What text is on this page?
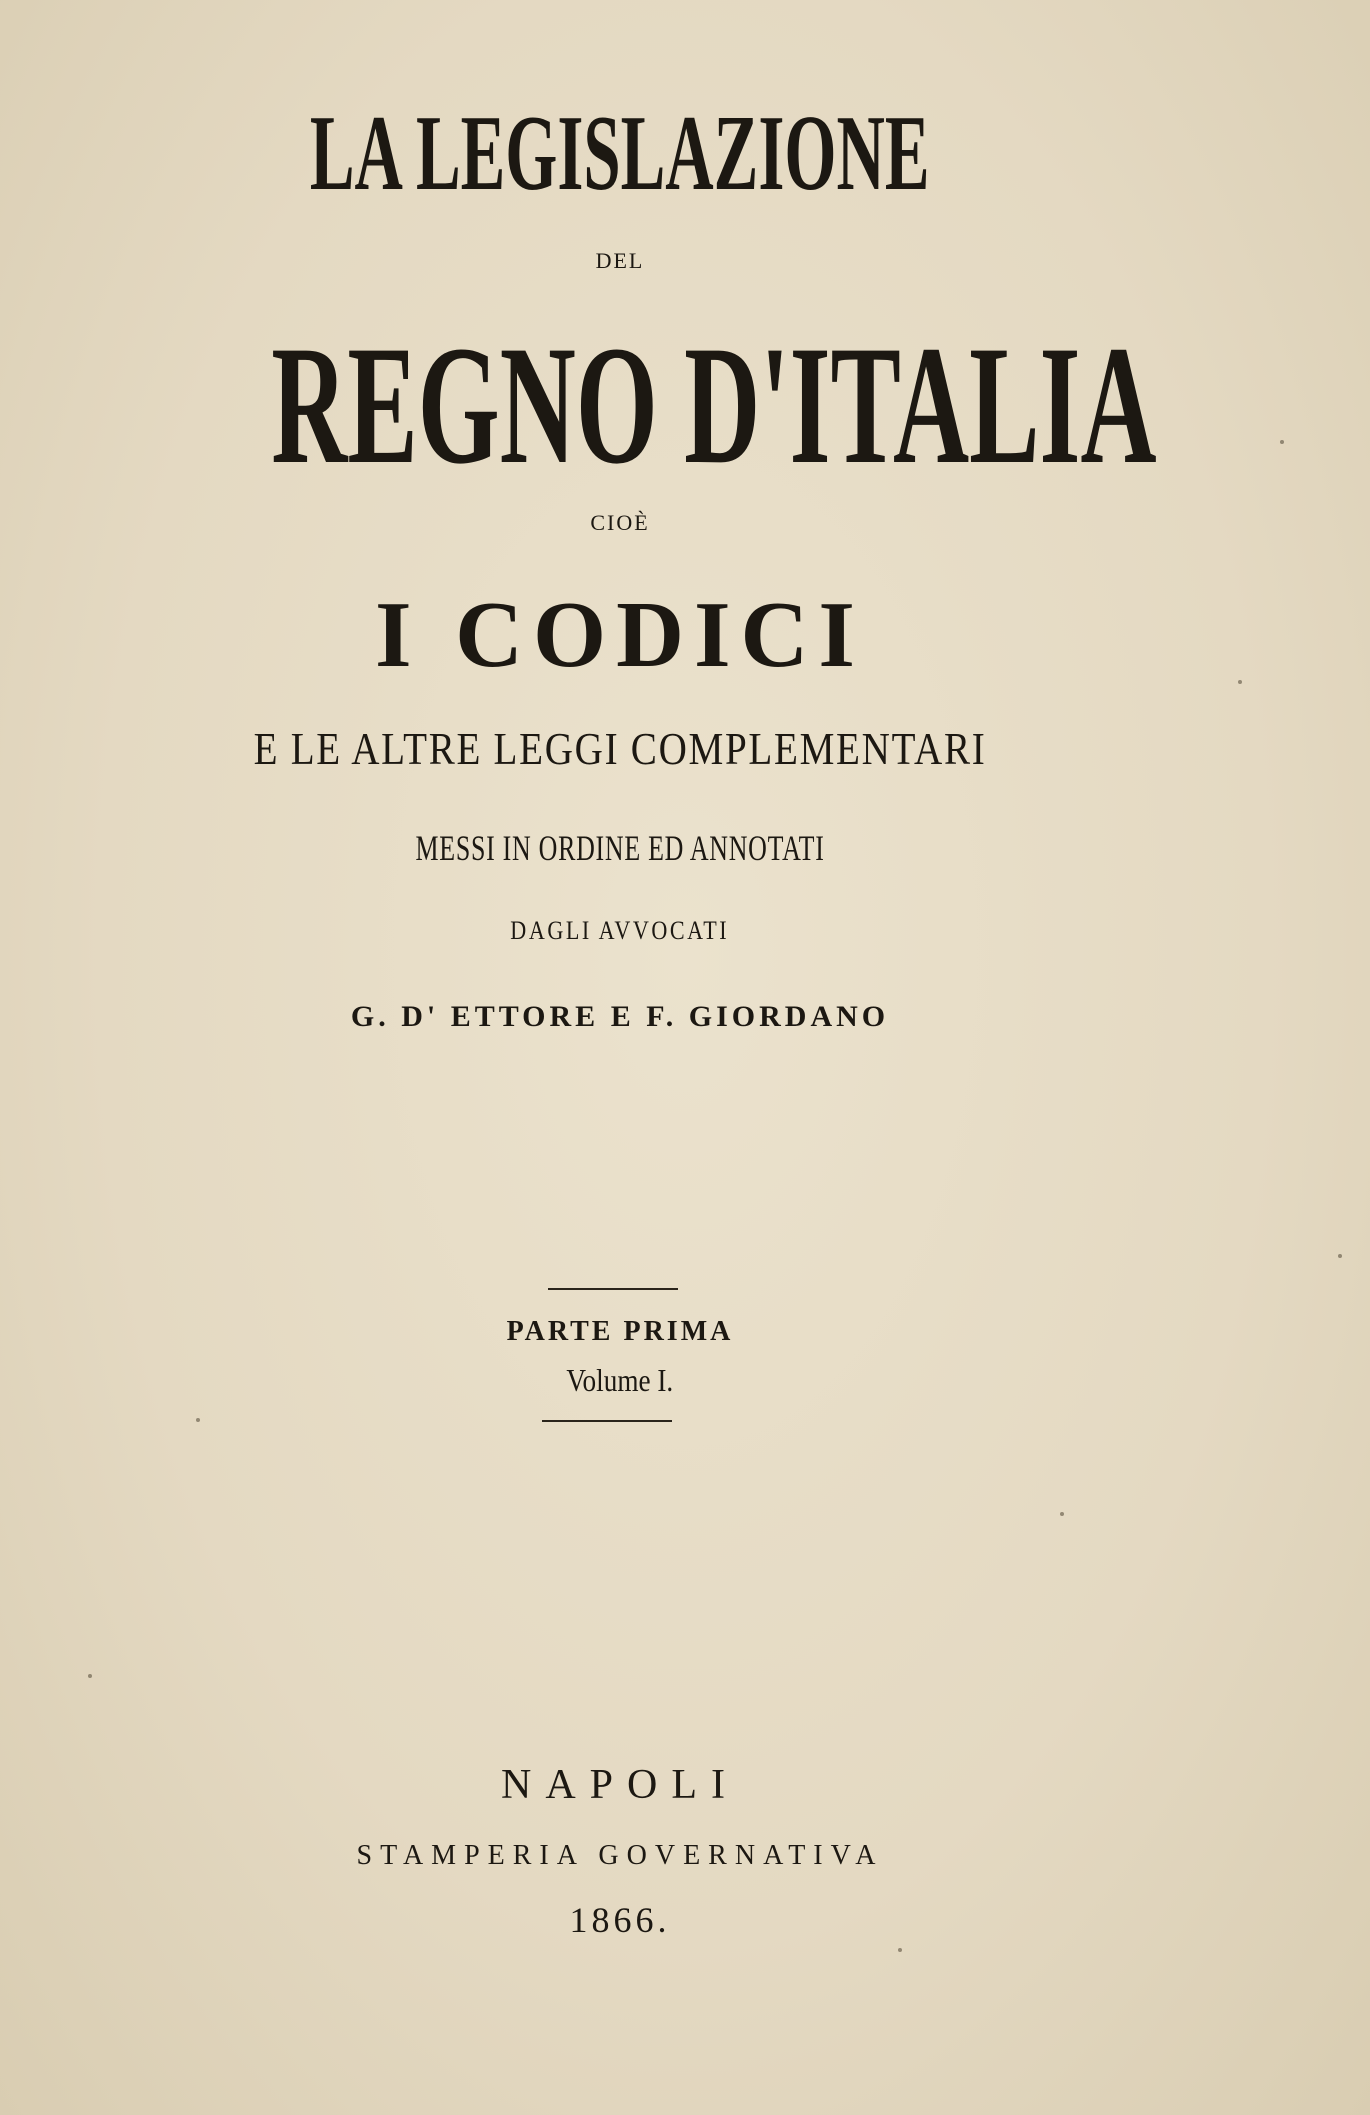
LA LEGISLAZIONE
DEL
REGNO D'ITALIA
CIOÈ
I CODICI
E LE ALTRE LEGGI COMPLEMENTARI
MESSI IN ORDINE ED ANNOTATI
DAGLI AVVOCATI
G. D' ETTORE E F. GIORDANO
PARTE PRIMA
Volume I.
NAPOLI
STAMPERIA GOVERNATIVA
1866.
